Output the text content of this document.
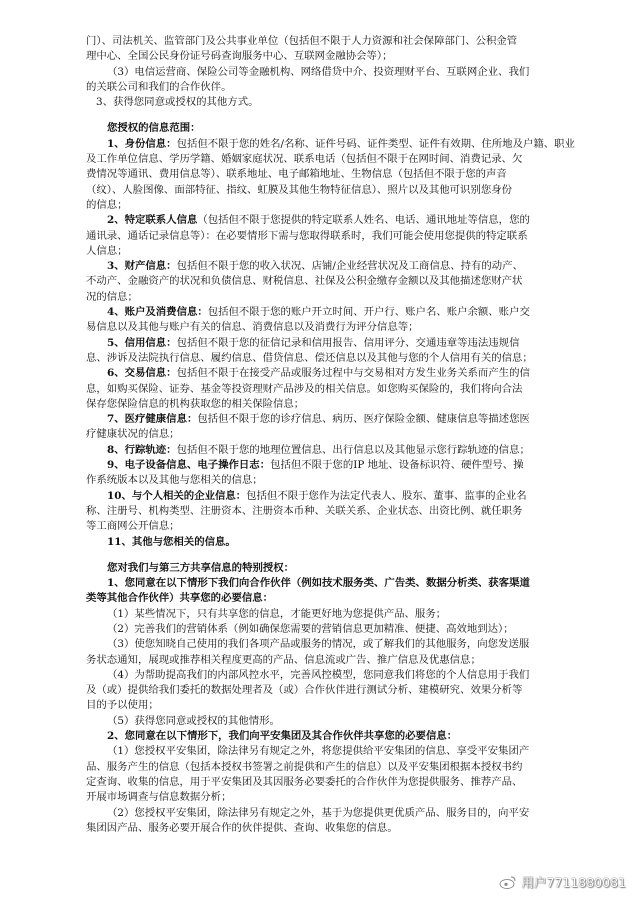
门）、司法机关、监管部门及公共事业单位（包括但不限于人力资源和社会保障部门、公积金管
理中心、全国公民身份证号码查询服务中心、互联网金融协会等）；
（3）电信运营商、保险公司等金融机构、网络借贷中介、投资理财平台、互联网企业、我们
的关联公司和我们的合作伙伴。
3、获得您同意或授权的其他方式。
您授权的信息范围：
1、身份信息：包括但不限于您的姓名/名称、证件号码、证件类型、证件有效期、住所地及户籍、职业
及工作单位信息、学历学籍、婚姻家庭状况、联系电话（包括但不限于在网时间、消费记录、欠
费情况等通讯、费用信息等）、联系地址、电子邮箱地址、生物信息（包括但不限于您的声音
（纹）、人脸图像、面部特征、指纹、虹膜及其他生物特征信息）、照片以及其他可识别您身份
的信息；
2、特定联系人信息（包括但不限于您提供的特定联系人姓名、电话、通讯地址等信息，您的
通讯录、通话记录信息等）：在必要情形下需与您取得联系时，我们可能会使用您提供的特定联系
人信息；
3、财产信息：包括但不限于您的收入状况、店铺/企业经营状况及工商信息、持有的动产、
不动产、金融资产的状况和负债信息、财税信息、社保及公积金缴存金额以及其他描述您财产状
况的信息；
4、账户及消费信息：包括但不限于您的账户开立时间、开户行、账户名、账户余额、账户交
易信息以及其他与账户有关的信息、消费信息以及消费行为评分信息等；
5、信用信息：包括但不限于您的征信记录和信用报告、信用评分、交通违章等违法违规信
息、涉诉及法院执行信息、履约信息、借贷信息、偿还信息以及其他与您的个人信用有关的信息；
6、交易信息：包括但不限于在接受产品或服务过程中与交易相对方发生业务关系而产生的信
息，如购买保险、证券、基金等投资理财产品涉及的相关信息。如您购买保险的，我们将向合法
保存您保险信息的机构获取您的相关保险信息；
7、医疗健康信息：包括但不限于您的诊疗信息、病历、医疗保险金额、健康信息等描述您医
疗健康状况的信息；
8、行踪轨迹：包括但不限于您的地理位置信息、出行信息以及其他显示您行踪轨迹的信息；
9、电子设备信息、电子操作日志：包括但不限于您的IP 地址、设备标识符、硬件型号、操
作系统版本以及其他与您相关的信息；
10、与个人相关的企业信息：包括但不限于您作为法定代表人、股东、董事、监事的企业名
称、注册号、机构类型、注册资本、注册资本币种、关联关系、企业状态、出资比例、就任职务
等工商网公开信息；
11、其他与您相关的信息。
您对我们与第三方共享信息的特别授权：
1、您同意在以下情形下我们向合作伙伴（例如技术服务类、广告类、数据分析类、获客渠道
类等其他合作伙伴）共享您的必要信息：
（1）某些情况下，只有共享您的信息，才能更好地为您提供产品、服务；
（2）完善我们的营销体系（例如确保您需要的营销信息更加精准、便捷、高效地到达）；
（3）使您知晓自己使用的我们各项产品或服务的情况，或了解我们的其他服务，向您发送服
务状态通知，展现或推荐相关程度更高的产品、信息流或广告、推广信息及优惠信息；
（4）为帮助提高我们的内部风控水平，完善风控模型，您同意我们将您的个人信息用于我们
及（或）提供给我们委托的数据处理者及（或）合作伙伴进行测试分析、建模研究、效果分析等
目的予以使用；
（5）获得您同意或授权的其他情形。
2、您同意在以下情形下，我们向平安集团及其合作伙伴共享您的必要信息：
（1）您授权平安集团，除法律另有规定之外，将您提供给平安集团的信息、享受平安集团产
品、服务产生的信息（包括本授权书签署之前提供和产生的信息）以及平安集团根据本授权书约
定查询、收集的信息，用于平安集团及其因服务必要委托的合作伙伴为您提供服务、推荐产品、
开展市场调查与信息数据分析；
（2）您授权平安集团，除法律另有规定之外，基于为您提供更优质产品、服务目的，向平安
集团因产品、服务必要开展合作的伙伴提供、查询、收集您的信息。
用户7711880081
